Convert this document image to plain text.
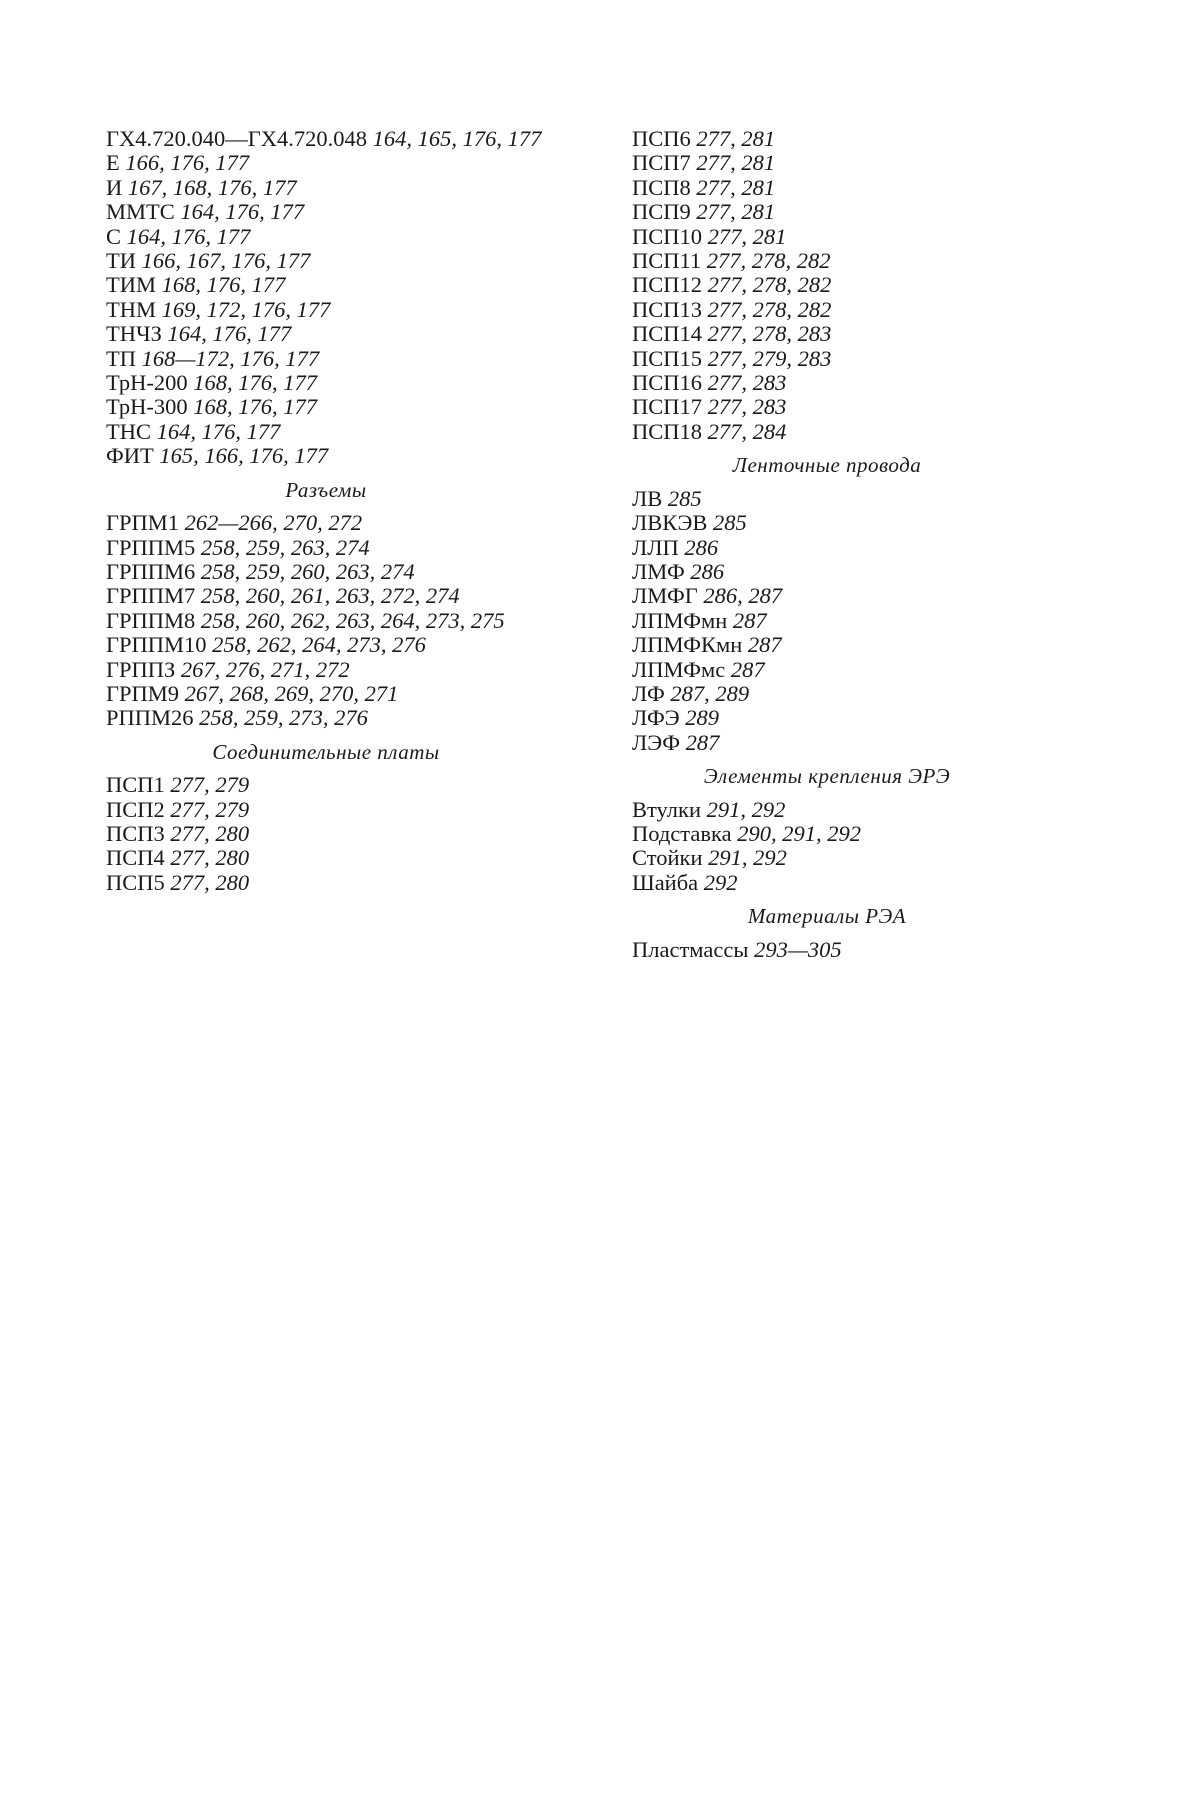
ГХ4.720.040—ГХ4.720.048 164, 165, 176, 177
Е 166, 176, 177
И 167, 168, 176, 177
ММТС 164, 176, 177
С 164, 176, 177
ТИ 166, 167, 176, 177
ТИМ 168, 176, 177
ТНМ 169, 172, 176, 177
ТНЧЗ 164, 176, 177
ТП 168—172, 176, 177
ТрН-200 168, 176, 177
ТрН-300 168, 176, 177
ТНС 164, 176, 177
ФИТ 165, 166, 176, 177
Разъемы
ГРПМ1 262—266, 270, 272
ГРППМ5 258, 259, 263, 274
ГРППМ6 258, 259, 260, 263, 274
ГРППМ7 258, 260, 261, 263, 272, 274
ГРППМ8 258, 260, 262, 263, 264, 273, 275
ГРППМ10 258, 262, 264, 273, 276
ГРППЗ 267, 276, 271, 272
ГРПМ9 267, 268, 269, 270, 271
РППМ26 258, 259, 273, 276
Соединительные платы
ПСП1 277, 279
ПСП2 277, 279
ПСП3 277, 280
ПСП4 277, 280
ПСП5 277, 280
ПСП6 277, 281
ПСП7 277, 281
ПСП8 277, 281
ПСП9 277, 281
ПСП10 277, 281
ПСП11 277, 278, 282
ПСП12 277, 278, 282
ПСП13 277, 278, 282
ПСП14 277, 278, 283
ПСП15 277, 279, 283
ПСП16 277, 283
ПСП17 277, 283
ПСП18 277, 284
Ленточные провода
ЛВ 285
ЛВКЭВ 285
ЛЛП 286
ЛМФ 286
ЛМФГ 286, 287
ЛПМФмн 287
ЛПМФКмн 287
ЛПМФмс 287
ЛФ 287, 289
ЛФЭ 289
ЛЭФ 287
Элементы крепления ЭРЭ
Втулки 291, 292
Подставка 290, 291, 292
Стойки 291, 292
Шайба 292
Материалы РЭА
Пластмассы 293—305
